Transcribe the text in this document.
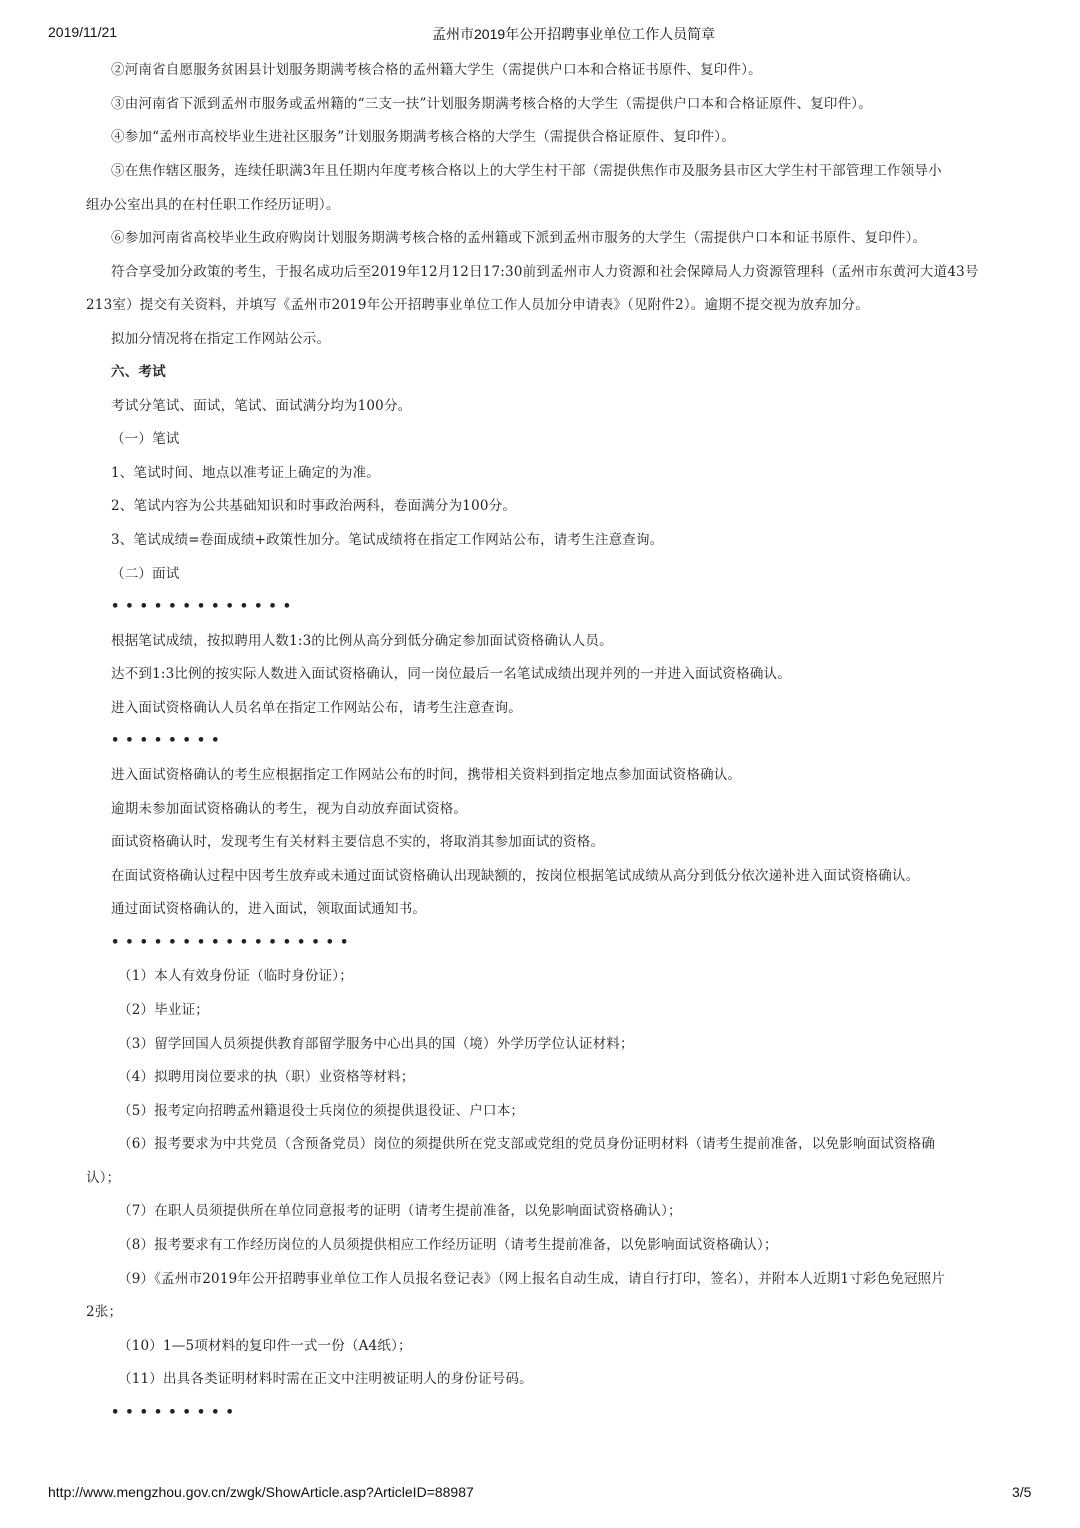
2019/11/21	孟州市2019年公开招聘事业单位工作人员简章
②河南省自愿服务贫困县计划服务期满考核合格的孟州籍大学生（需提供户口本和合格证书原件、复印件）。
③由河南省下派到孟州市服务或孟州籍的“三支一扶”计划服务期满考核合格的大学生（需提供户口本和合格证原件、复印件）。
④参加“孟州市高校毕业生进社区服务”计划服务期满考核合格的大学生（需提供合格证原件、复印件）。
⑤在焦作辖区服务，连续任职满3年且任期内年度考核合格以上的大学生村干部（需提供焦作市及服务县市区大学生村干部管理工作领导小
组办公室出具的在村任职工作经历证明）。
⑥参加河南省高校毕业生政府购岗计划服务期满考核合格的孟州籍或下派到孟州市服务的大学生（需提供户口本和证书原件、复印件）。
符合享受加分政策的考生，于报名成功后至2019年12月12日17:30前到孟州市人力资源和社会保障局人力资源管理科（孟州市东黄河大道43号
213室）提交有关资料，并填写《孟州市2019年公开招聘事业单位工作人员加分申请表》（见附件2）。逾期不提交视为放弃加分。
拟加分情况将在指定工作网站公示。
六、考试
考试分笔试、面试，笔试、面试满分均为100分。
（一）笔试
1、笔试时间、地点以准考证上确定的为准。
2、笔试内容为公共基础知识和时事政治两科，卷面满分为100分。
3、笔试成绩=卷面成绩+政策性加分。笔试成绩将在指定工作网站公布，请考生注意查询。
（二）面试
•••••••••••••
根据笔试成绩，按拟聘用人数1:3的比例从高分到低分确定参加面试资格确认人员。
达不到1:3比例的按实际人数进入面试资格确认，同一岗位最后一名笔试成绩出现并列的一并进入面试资格确认。
进入面试资格确认人员名单在指定工作网站公布，请考生注意查询。
••••••••
进入面试资格确认的考生应根据指定工作网站公布的时间，携带相关资料到指定地点参加面试资格确认。
逾期未参加面试资格确认的考生，视为自动放弃面试资格。
面试资格确认时，发现考生有关材料主要信息不实的，将取消其参加面试的资格。
在面试资格确认过程中因考生放弃或未通过面试资格确认出现缺额的，按岗位根据笔试成绩从高分到低分依次递补进入面试资格确认。
通过面试资格确认的，进入面试，领取面试通知书。
•••••••••••••••••
（1）本人有效身份证（临时身份证）；
（2）毕业证；
（3）留学回国人员须提供教育部留学服务中心出具的国（境）外学历学位认证材料；
（4）拟聘用岗位要求的执（职）业资格等材料；
（5）报考定向招聘孟州籍退役士兵岗位的须提供退役证、户口本；
（6）报考要求为中共党员（含预备党员）岗位的须提供所在党支部或党组的党员身份证明材料（请考生提前准备，以免影响面试资格确
认）；
（7）在职人员须提供所在单位同意报考的证明（请考生提前准备，以免影响面试资格确认）；
（8）报考要求有工作经历岗位的人员须提供相应工作经历证明（请考生提前准备，以免影响面试资格确认）；
（9）《孟州市2019年公开招聘事业单位工作人员报名登记表》（网上报名自动生成，请自行打印，签名），并附本人近期1寸彩色免冠照片
2张；
（10）1—5项材料的复印件一式一份（A4纸）；
（11）出具各类证明材料时需在正文中注明被证明人的身份证号码。
•••••••••
http://www.mengzhou.gov.cn/zwgk/ShowArticle.asp?ArticleID=88987	3/5
